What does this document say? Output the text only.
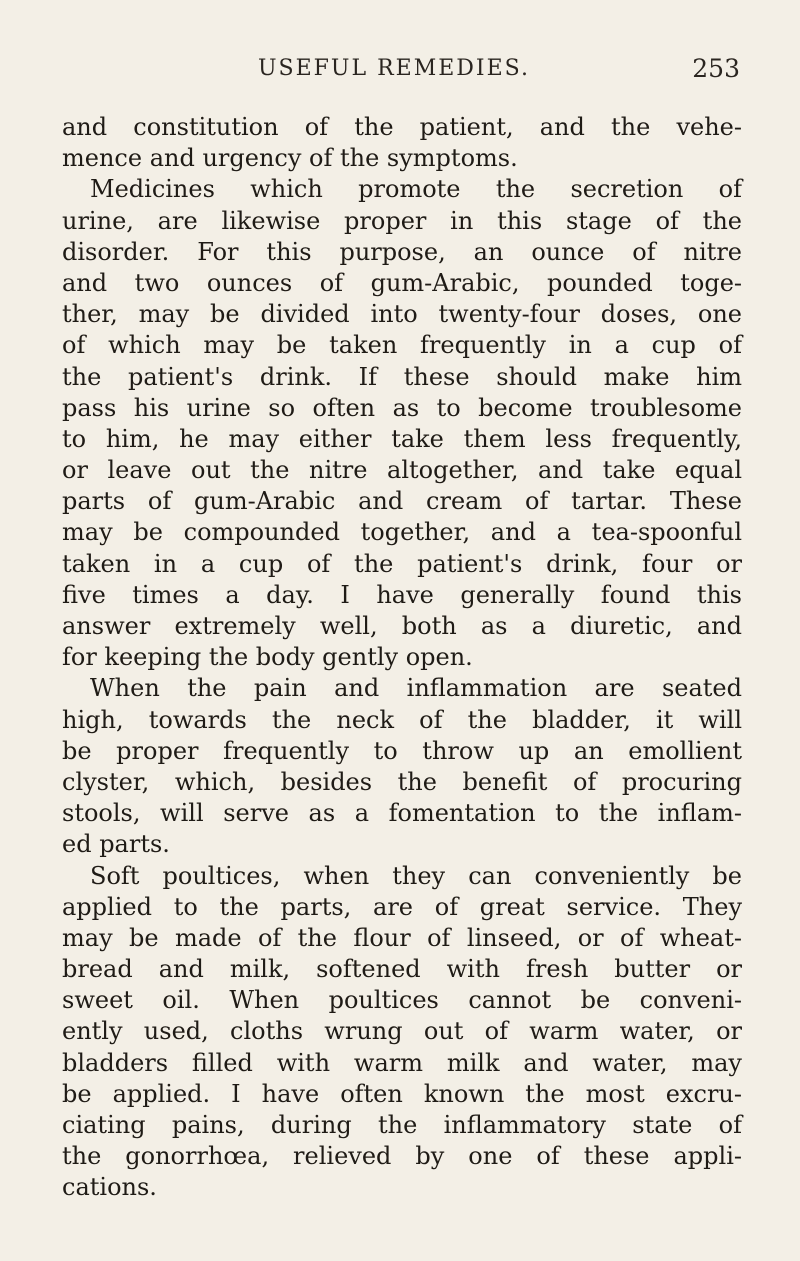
USEFUL REMEDIES.	253
and constitution of the patient, and the vehe-
mence and urgency of the symptoms.
Medicines which promote the secretion of
urine, are likewise proper in this stage of the
disorder. For this purpose, an ounce of nitre
and two ounces of gum-Arabic, pounded toge-
ther, may be divided into twenty-four doses, one
of which may be taken frequently in a cup of
the patient's drink. If these should make him
pass his urine so often as to become troublesome
to him, he may either take them less frequently,
or leave out the nitre altogether, and take equal
parts of gum-Arabic and cream of tartar. These
may be compounded together, and a tea-spoonful
taken in a cup of the patient's drink, four or
five times a day. I have generally found this
answer extremely well, both as a diuretic, and
for keeping the body gently open.
When the pain and inflammation are seated
high, towards the neck of the bladder, it will
be proper frequently to throw up an emollient
clyster, which, besides the benefit of procuring
stools, will serve as a fomentation to the inflam-
ed parts.
Soft poultices, when they can conveniently be
applied to the parts, are of great service. They
may be made of the flour of linseed, or of wheat-
bread and milk, softened with fresh butter or
sweet oil. When poultices cannot be conveni-
ently used, cloths wrung out of warm water, or
bladders filled with warm milk and water, may
be applied. I have often known the most excru-
ciating pains, during the inflammatory state of
the gonorrhœa, relieved by one of these appli-
cations.
